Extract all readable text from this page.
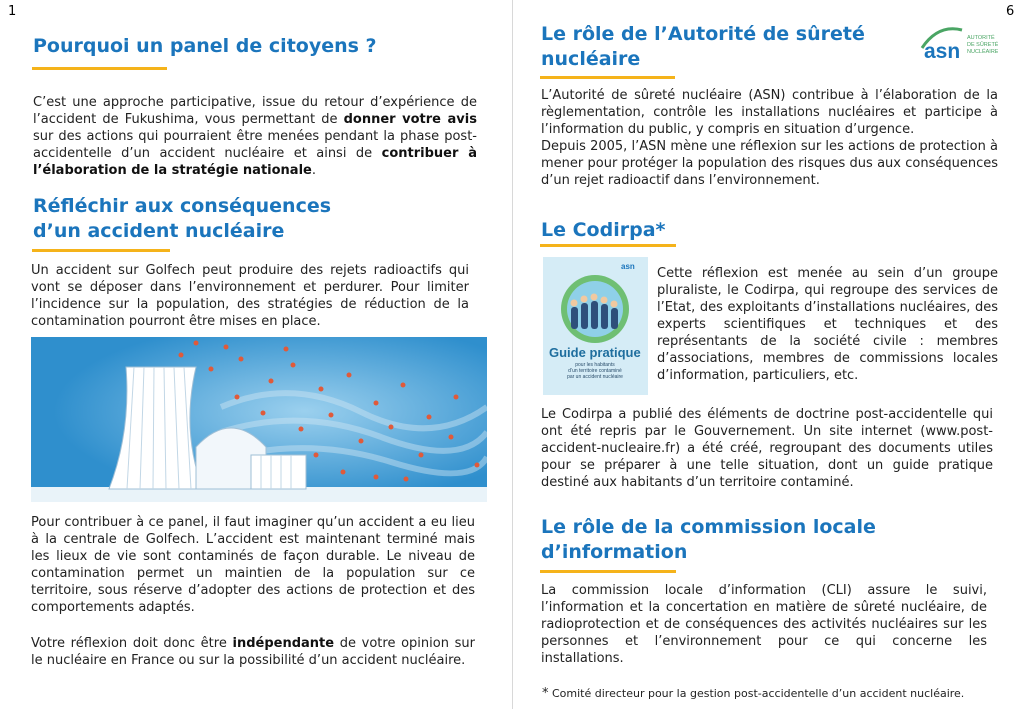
1
Pourquoi un panel de citoyens ?
C’est une approche participative, issue du retour d’expérience de l’accident de Fukushima, vous permettant de donner votre avis sur des actions qui pourraient être menées pendant la phase post-accidentelle d’un accident nucléaire et ainsi de contribuer à l’élaboration de la stratégie nationale.
Réfléchir aux conséquences
d’un accident nucléaire
Un accident sur Golfech peut produire des rejets radioactifs qui vont se déposer dans l’environnement et perdurer. Pour limiter l’incidence sur la population, des stratégies de réduction de la contamination pourront être mises en place.
Pour contribuer à ce panel, il faut imaginer qu’un accident a eu lieu à la centrale de Golfech. L’accident est maintenant terminé mais les lieux de vie sont contaminés de façon durable. Le niveau de contamination permet un maintien de la population sur ce territoire, sous réserve d’adopter des actions de protection et des comportements adaptés.
Votre réflexion doit donc être indépendante de votre opinion sur le nucléaire en France ou sur la possibilité d’un accident nucléaire.
6
asn
AUTORITÉ
DE SÛRETÉ
NUCLÉAIRE
Le rôle de l’Autorité de sûreté
nucléaire
L’Autorité de sûreté nucléaire (ASN) contribue à l’élaboration de la règlementation, contrôle les installations nucléaires et participe à l’information du public, y compris en situation d’urgence.
Depuis 2005, l’ASN mène une réflexion sur les actions de protection à mener pour protéger la population des risques dus aux conséquences d’un rejet radioactif dans l’environnement.
Le Codirpa*
asn
Guide pratique
pour les habitants
d’un territoire contaminé
par un accident nucléaire
Cette réflexion est menée au sein d’un groupe pluraliste, le Codirpa, qui regroupe des services de l’Etat, des exploitants d’installations nucléaires, des experts scientifiques et techniques et des représentants de la société civile : membres d’associations, membres de commissions locales d’information, particuliers, etc.
Le Codirpa a publié des éléments de doctrine post-accidentelle qui ont été repris par le Gouvernement. Un site internet (www.post-accident-nucleaire.fr) a été créé, regroupant des documents utiles pour se préparer à une telle situation, dont un guide pratique destiné aux habitants d’un territoire contaminé.
Le rôle de la commission locale
d’information
La commission locale d’information (CLI) assure le suivi, l’information et la concertation en matière de sûreté nucléaire, de radioprotection et de conséquences des activités nucléaires sur les personnes et l’environnement pour ce qui concerne les installations.
* Comité directeur pour la gestion post-accidentelle d’un accident nucléaire.
